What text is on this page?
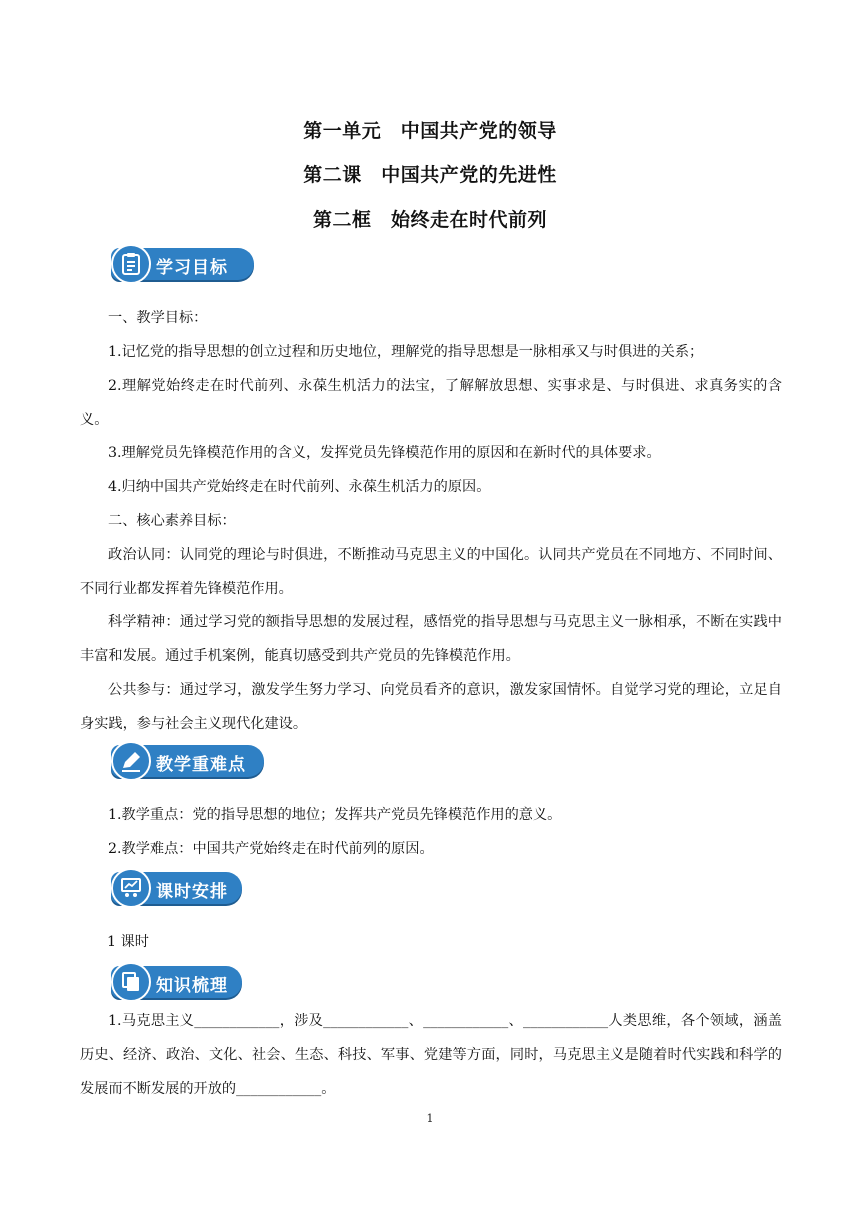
第一单元　中国共产党的领导
第二课　中国共产党的先进性
第二框　始终走在时代前列
学习目标
一、教学目标：
1.记忆党的指导思想的创立过程和历史地位，理解党的指导思想是一脉相承又与时俱进的关系；
2.理解党始终走在时代前列、永葆生机活力的法宝，了解解放思想、实事求是、与时俱进、求真务实的含义。
3.理解党员先锋模范作用的含义，发挥党员先锋模范作用的原因和在新时代的具体要求。
4.归纳中国共产党始终走在时代前列、永葆生机活力的原因。
二、核心素养目标：
政治认同：认同党的理论与时俱进，不断推动马克思主义的中国化。认同共产党员在不同地方、不同时间、不同行业都发挥着先锋模范作用。
科学精神：通过学习党的额指导思想的发展过程，感悟党的指导思想与马克思主义一脉相承，不断在实践中丰富和发展。通过手机案例，能真切感受到共产党员的先锋模范作用。
公共参与：通过学习，激发学生努力学习、向党员看齐的意识，激发家国情怀。自觉学习党的理论，立足自身实践，参与社会主义现代化建设。
教学重难点
1.教学重点：党的指导思想的地位；发挥共产党员先锋模范作用的意义。
2.教学难点：中国共产党始终走在时代前列的原因。
课时安排
1 课时
知识梳理
1.马克思主义____________，涉及____________、____________、____________人类思维，各个领域，涵盖历史、经济、政治、文化、社会、生态、科技、军事、党建等方面，同时，马克思主义是随着时代实践和科学的发展而不断发展的开放的____________。
1
